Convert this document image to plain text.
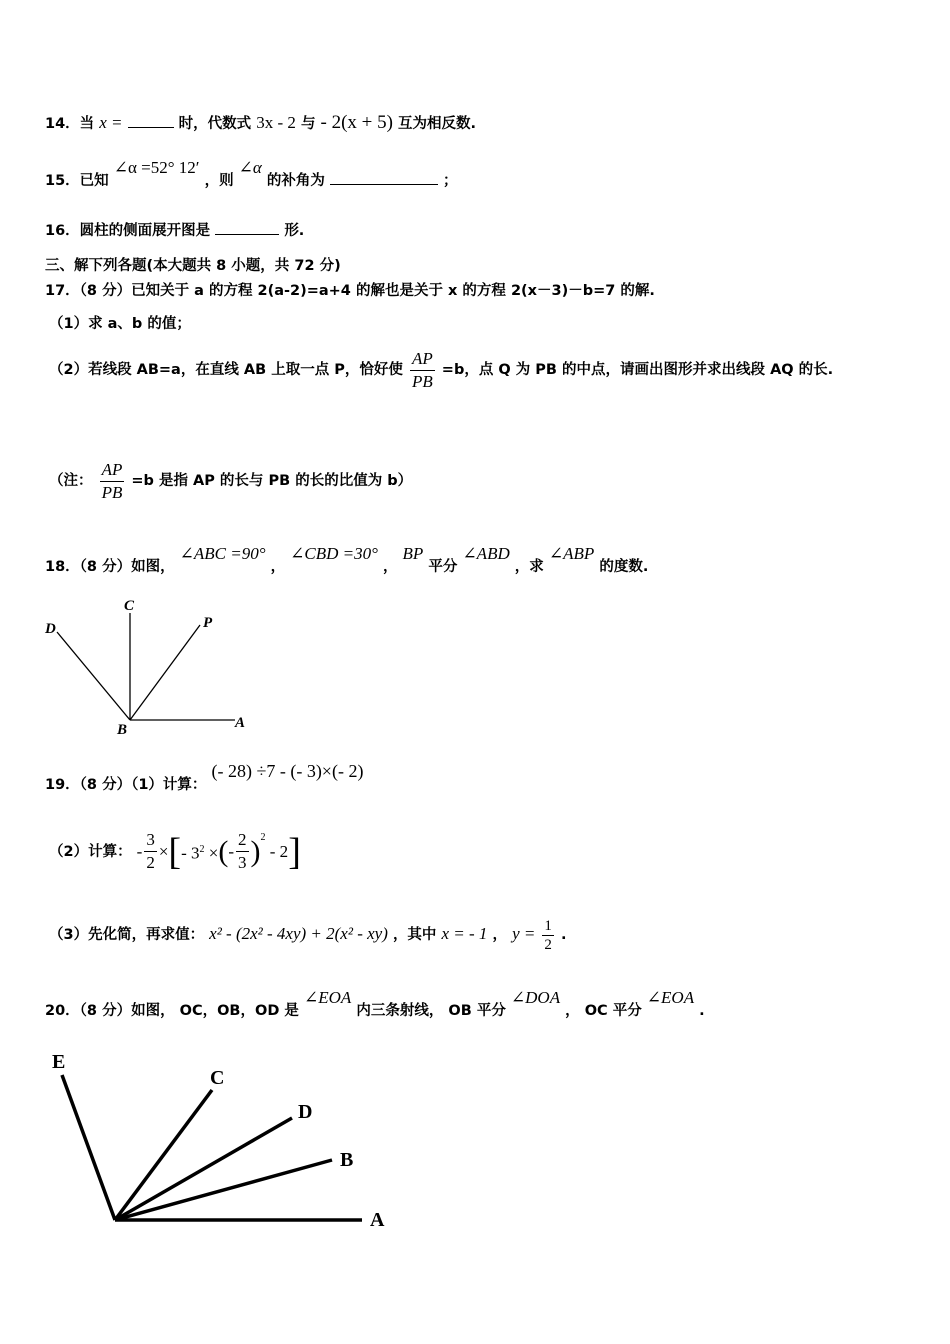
14．当 x =	时，代数式 3x - 2 与 - 2(x + 5) 互为相反数.
15．已知 ∠α =52° 12′ ，则 ∠α 的补角为	；
16．圆柱的侧面展开图是	形.
三、解下列各题(本大题共 8 小题，共 72 分)
17．（8 分）已知关于 a 的方程 2(a-2)=a+4 的解也是关于 x 的方程 2(x－3)－b=7 的解.
（1）求 a、b 的值；
（2）若线段 AB=a，在直线 AB 上取一点 P，恰好使 $\frac{AP}{PB} =b$，点 Q 为 PB 的中点，请画出图形并求出线段 AQ 的长.
（注： $\frac{AP}{PB} =b$ 是指 AP 的长与 PB 的长的比值为 b）
18．（8 分）如图， ∠ABC =90° ， ∠CBD =30° ， BP 平分 ∠ABD ，求 ∠ABP 的度数.
D
C
P
B	A
19．（8 分）（1）计算： (- 28) ÷7 - (- 3)×(- 2)
（2）计算： - $\frac{3}{2}$ × [ - $3^2$ × ( - $\frac{2}{3} )^2$
- 2 ]
（3）先化简，再求值： x² - (2x² - 4xy) + 2(x² - xy) ，其中 x = - 1 ， $y = \frac{1}{2}$ .
20．（8 分）如图， OC，OB，OD 是 ∠EOA 内三条射线， OB 平分 ∠DOA ， OC 平分 ∠EOA .
E
C
D
B
A
